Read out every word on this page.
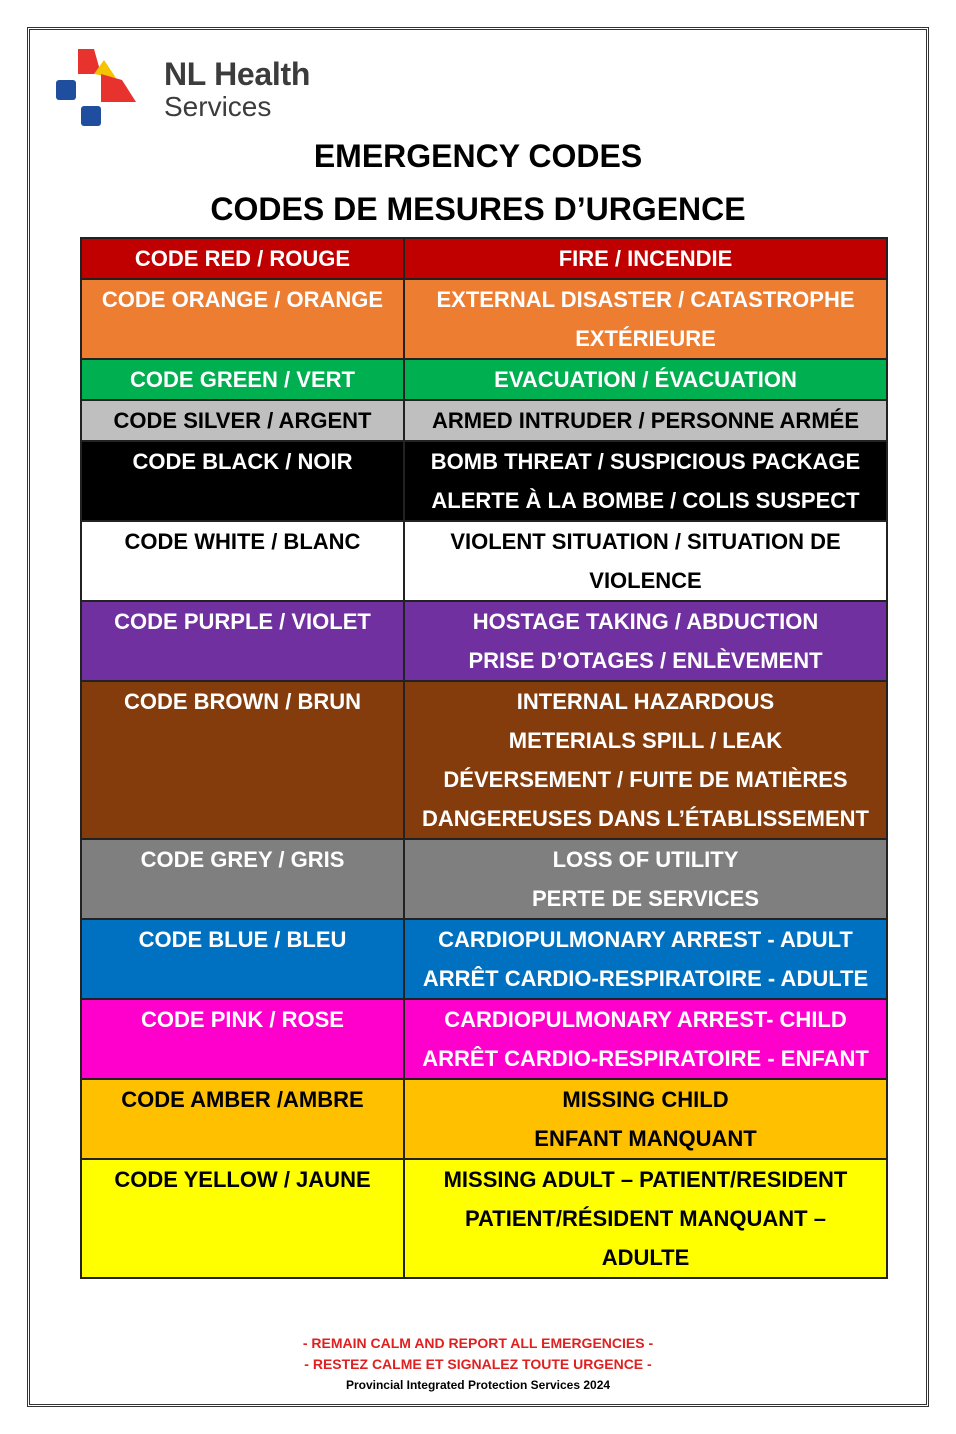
NL Health
Services
EMERGENCY CODES
CODES DE MESURES D’URGENCE
CODE RED / ROUGE	FIRE / INCENDIE

CODE ORANGE / ORANGE	EXTERNAL DISASTER / CATASTROPHE
EXTÉRIEURE

CODE GREEN / VERT	EVACUATION / ÉVACUATION

CODE SILVER / ARGENT	ARMED INTRUDER / PERSONNE ARMÉE

CODE BLACK / NOIR	BOMB THREAT / SUSPICIOUS PACKAGE
ALERTE À LA BOMBE / COLIS SUSPECT

CODE WHITE / BLANC	VIOLENT SITUATION / SITUATION DE
VIOLENCE

CODE PURPLE / VIOLET	HOSTAGE TAKING / ABDUCTION
PRISE D’OTAGES / ENLÈVEMENT

CODE BROWN / BRUN	INTERNAL HAZARDOUS
METERIALS SPILL / LEAK
DÉVERSEMENT / FUITE DE MATIÈRES
DANGEREUSES DANS L’ÉTABLISSEMENT

CODE GREY / GRIS	LOSS OF UTILITY
PERTE DE SERVICES

CODE BLUE / BLEU	CARDIOPULMONARY ARREST - ADULT
ARRÊT CARDIO-RESPIRATOIRE - ADULTE

CODE PINK / ROSE	CARDIOPULMONARY ARREST- CHILD
ARRÊT CARDIO-RESPIRATOIRE - ENFANT

CODE AMBER /AMBRE	MISSING CHILD
ENFANT MANQUANT

CODE YELLOW / JAUNE	MISSING ADULT – PATIENT/RESIDENT
PATIENT/RÉSIDENT MANQUANT –
ADULTE
- REMAIN CALM AND REPORT ALL EMERGENCIES -
- RESTEZ CALME ET SIGNALEZ TOUTE URGENCE -
Provincial Integrated Protection Services 2024
